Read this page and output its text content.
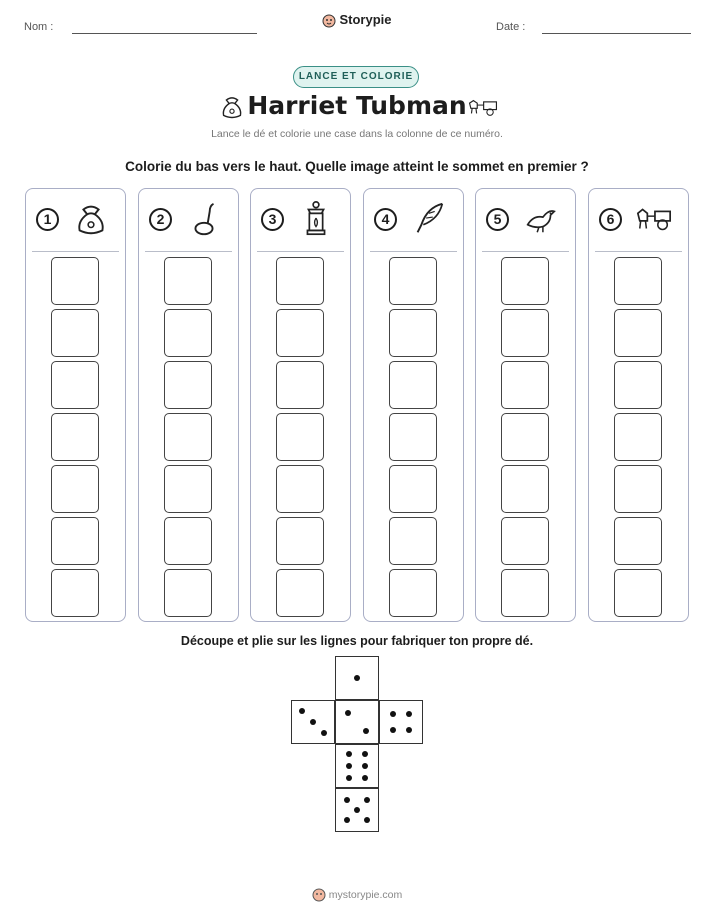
Nom :	Storypie	Date :
LANCE ET COLORIE
Harriet Tubman
Lance le dé et colorie une case dans la colonne de ce numéro.
Colorie du bas vers le haut. Quelle image atteint le sommet en premier ?
1	2	3	4	5	6
Découpe et plie sur les lignes pour fabriquer ton propre dé.
mystorypie.com
